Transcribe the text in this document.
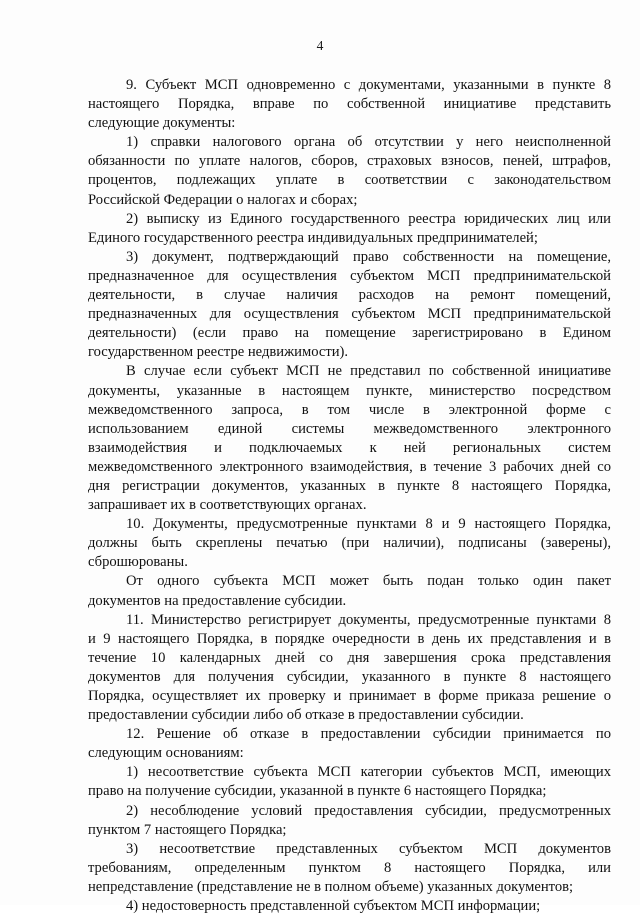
4
9. Субъект МСП одновременно с документами, указанными в пункте 8
настоящего Порядка, вправе по собственной инициативе представить
следующие документы:
1) справки налогового органа об отсутствии у него неисполненной
обязанности по уплате налогов, сборов, страховых взносов, пеней, штрафов,
процентов, подлежащих уплате в соответствии с законодательством
Российской Федерации о налогах и сборах;
2) выписку из Единого государственного реестра юридических лиц или
Единого государственного реестра индивидуальных предпринимателей;
3) документ, подтверждающий право собственности на помещение,
предназначенное для осуществления субъектом МСП предпринимательской
деятельности, в случае наличия расходов на ремонт помещений,
предназначенных для осуществления субъектом МСП предпринимательской
деятельности) (если право на помещение зарегистрировано в Едином
государственном реестре недвижимости).
В случае если субъект МСП не представил по собственной инициативе
документы, указанные в настоящем пункте, министерство посредством
межведомственного запроса, в том числе в электронной форме с
использованием единой системы межведомственного электронного
взаимодействия и подключаемых к ней региональных систем
межведомственного электронного взаимодействия, в течение 3 рабочих дней со
дня регистрации документов, указанных в пункте 8 настоящего Порядка,
запрашивает их в соответствующих органах.
10. Документы, предусмотренные пунктами 8 и 9 настоящего Порядка,
должны быть скреплены печатью (при наличии), подписаны (заверены),
сброшюрованы.
От одного субъекта МСП может быть подан только один пакет
документов на предоставление субсидии.
11. Министерство регистрирует документы, предусмотренные пунктами 8
и 9 настоящего Порядка, в порядке очередности в день их представления и в
течение 10 календарных дней со дня завершения срока представления
документов для получения субсидии, указанного в пункте 8 настоящего
Порядка, осуществляет их проверку и принимает в форме приказа решение о
предоставлении субсидии либо об отказе в предоставлении субсидии.
12. Решение об отказе в предоставлении субсидии принимается по
следующим основаниям:
1) несоответствие субъекта МСП категории субъектов МСП, имеющих
право на получение субсидии, указанной в пункте 6 настоящего Порядка;
2) несоблюдение условий предоставления субсидии, предусмотренных
пунктом 7 настоящего Порядка;
3) несоответствие представленных субъектом МСП документов
требованиям, определенным пунктом 8 настоящего Порядка, или
непредставление (представление не в полном объеме) указанных документов;
4) недостоверность представленной субъектом МСП информации;
